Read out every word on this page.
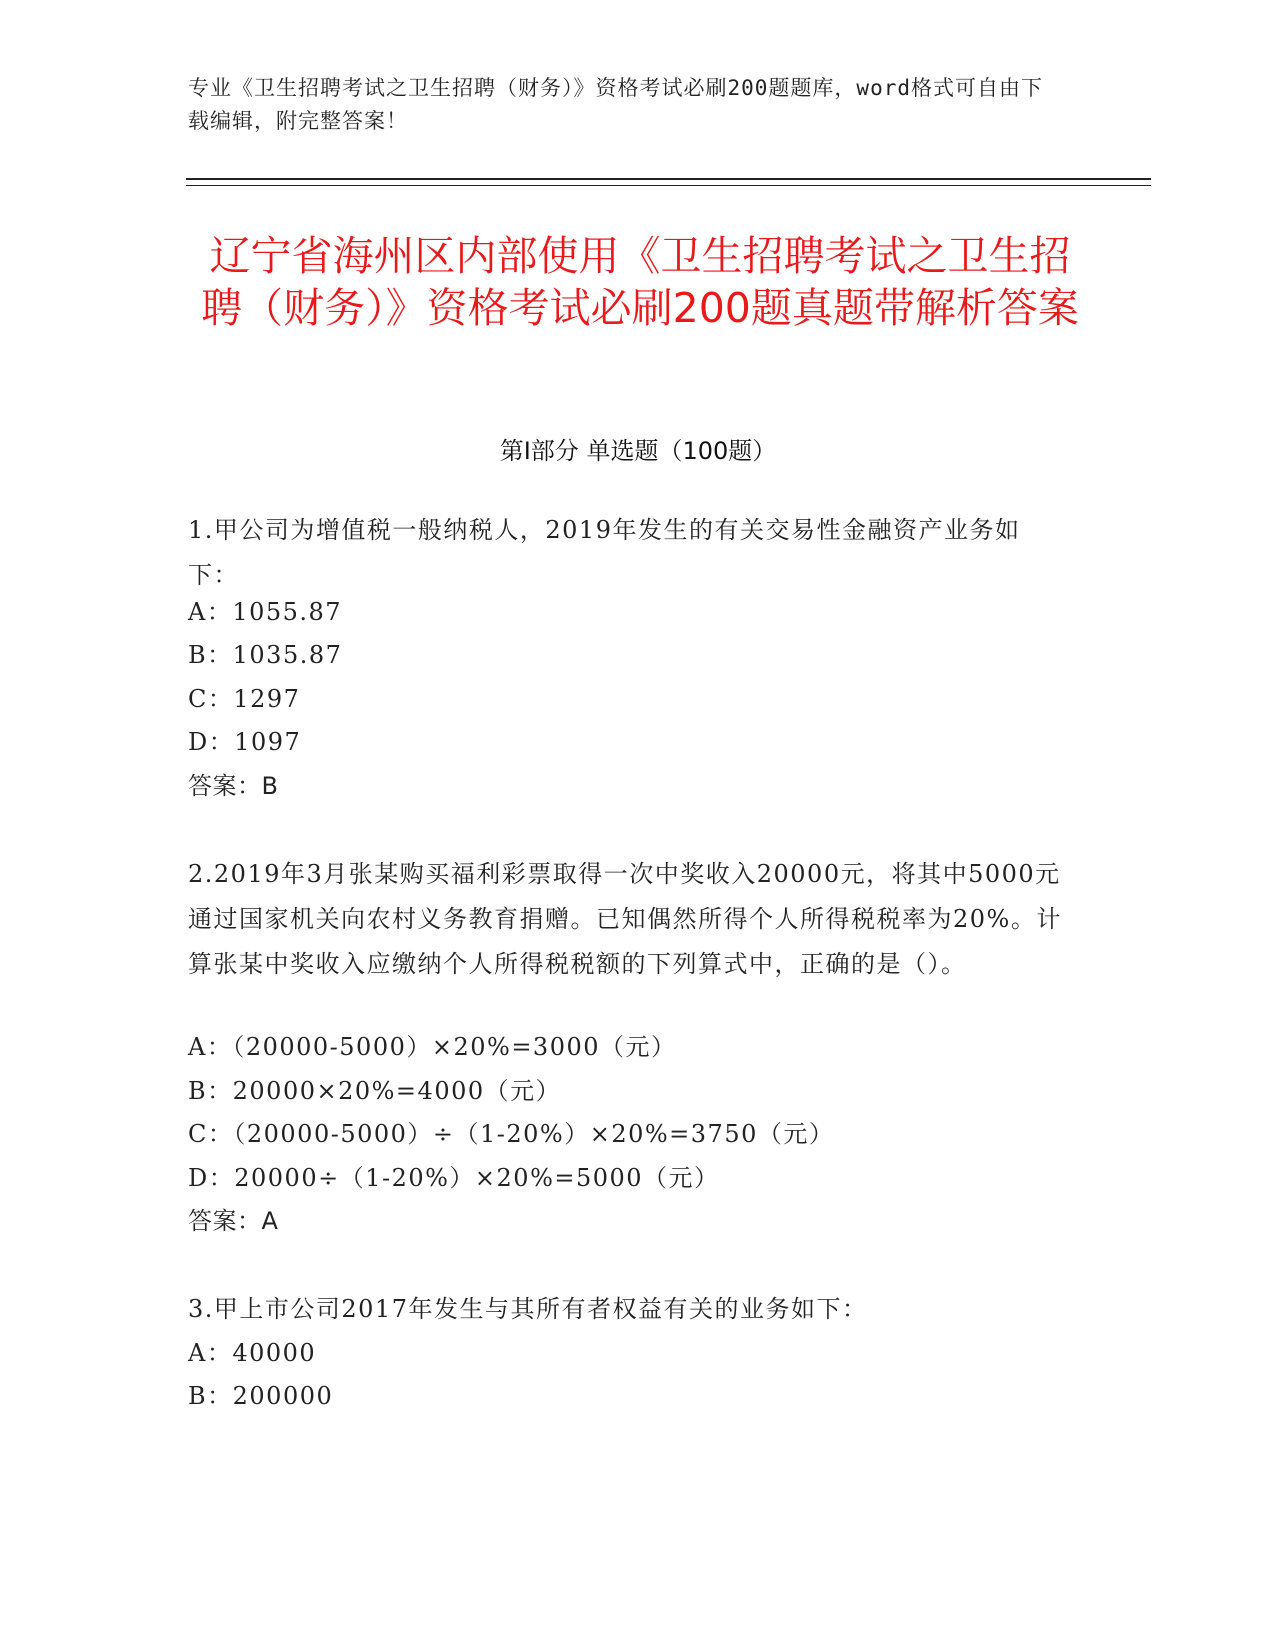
专业《卫生招聘考试之卫生招聘（财务）》资格考试必刷200题题库，word格式可自由下载编辑，附完整答案！
辽宁省海州区内部使用《卫生招聘考试之卫生招聘（财务）》资格考试必刷200题真题带解析答案
第Ⅰ部分 单选题（100题）
1.甲公司为增值税一般纳税人，2019年发生的有关交易性金融资产业务如下：
A：1055.87
B：1035.87
C：1297
D：1097
答案：B
2.2019年3月张某购买福利彩票取得一次中奖收入20000元，将其中5000元通过国家机关向农村义务教育捐赠。已知偶然所得个人所得税税率为20%。计算张某中奖收入应缴纳个人所得税税额的下列算式中，正确的是（）。
A：（20000-5000）×20%=3000（元）
B：20000×20%=4000（元）
C：（20000-5000）÷（1-20%）×20%=3750（元）
D：20000÷（1-20%）×20%=5000（元）
答案：A
3.甲上市公司2017年发生与其所有者权益有关的业务如下：
A：40000
B：200000
